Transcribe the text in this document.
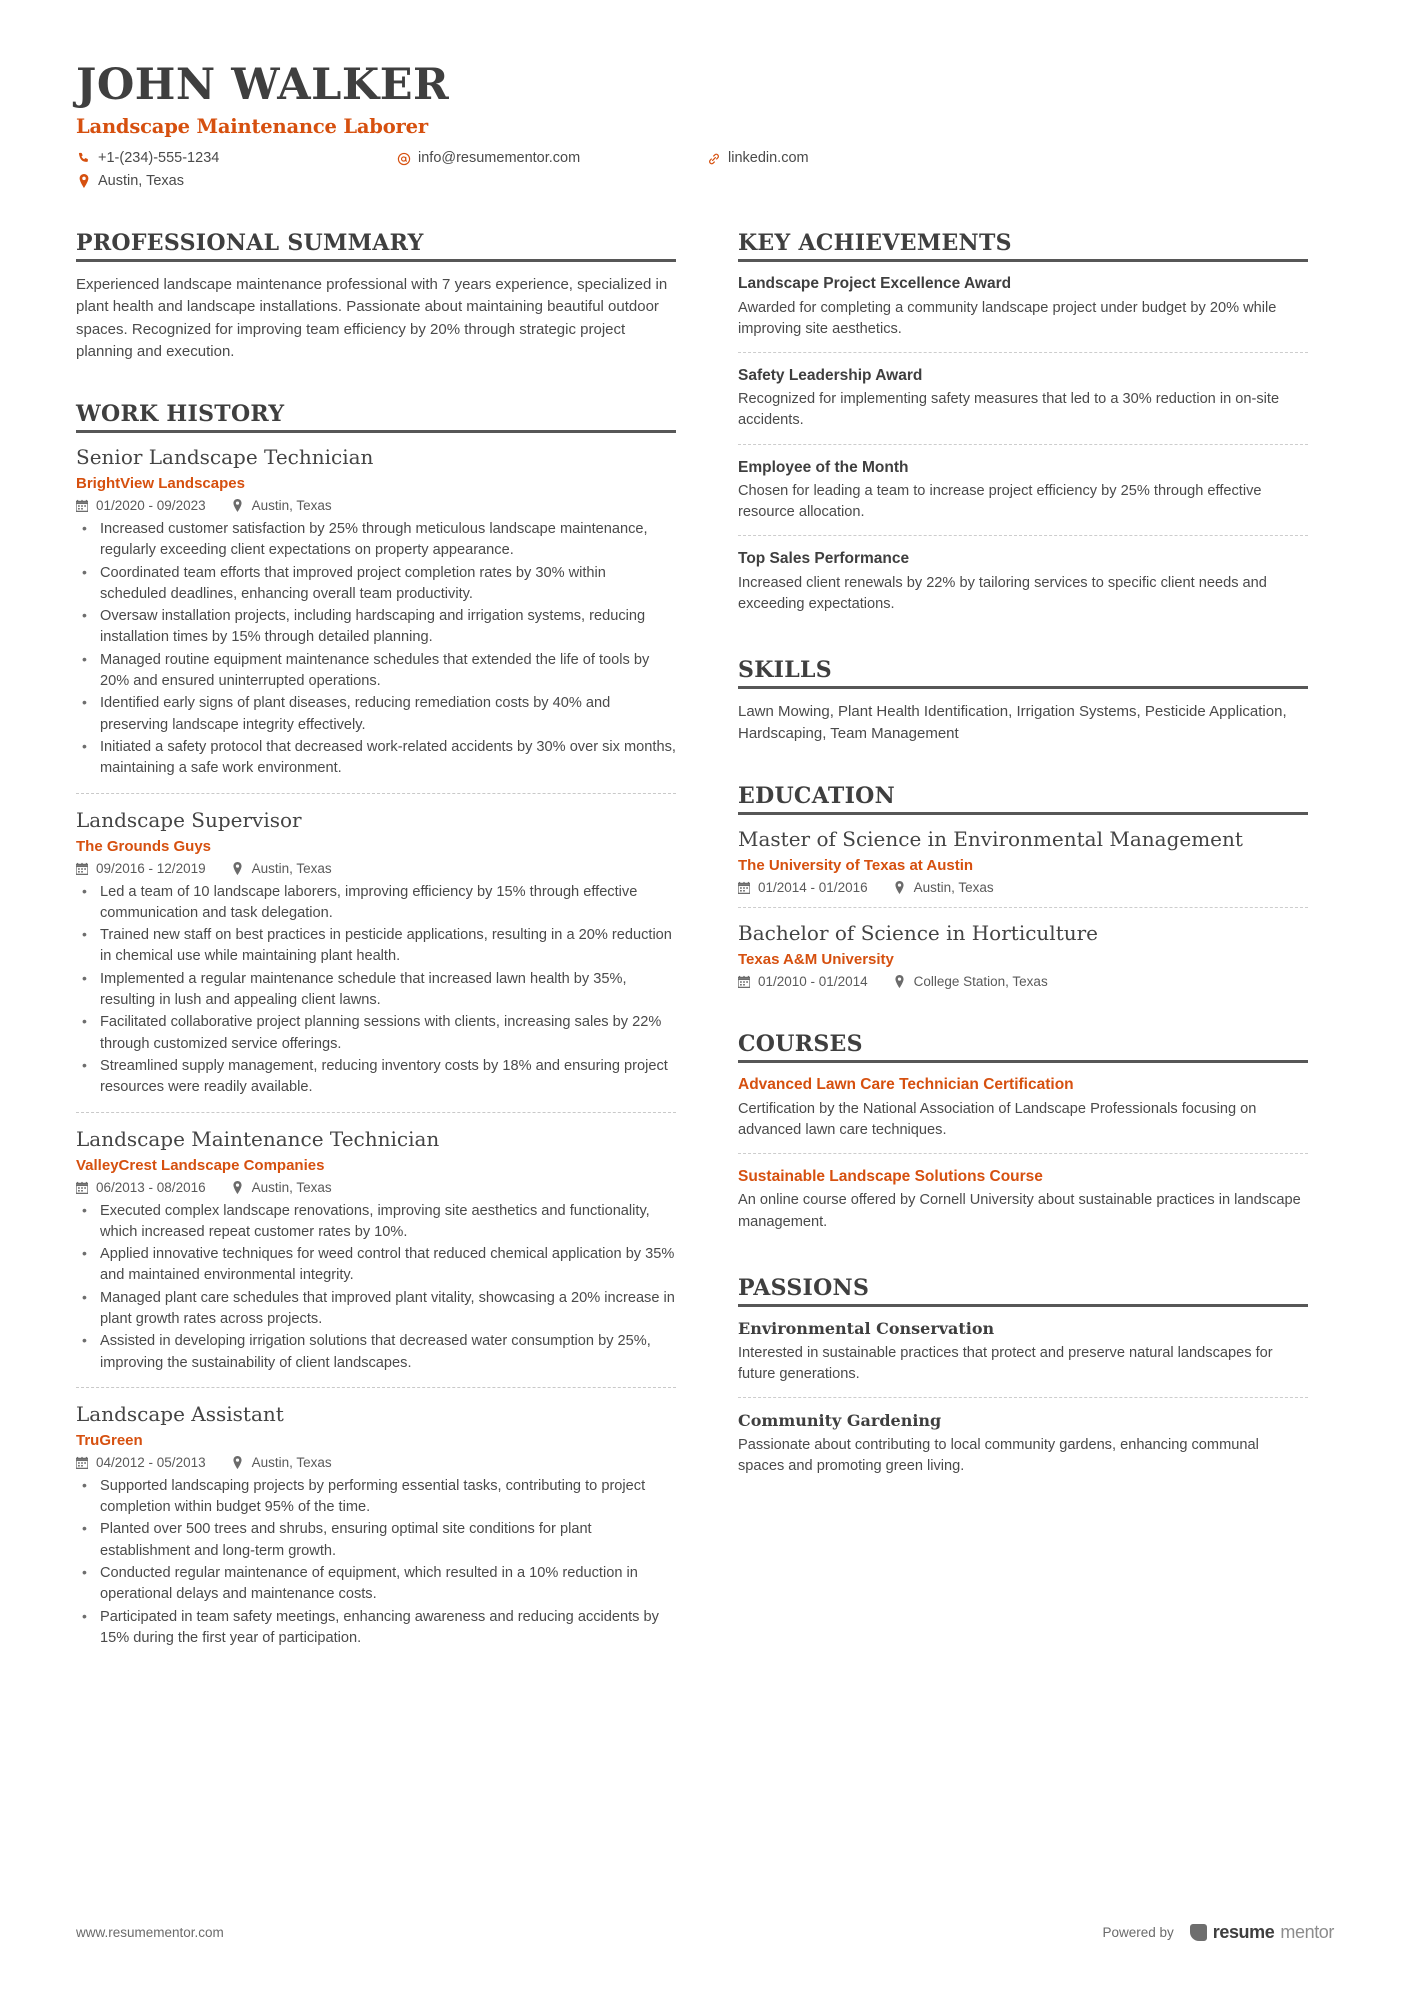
JOHN WALKER
Landscape Maintenance Laborer
+1-(234)-555-1234	info@resumementor.com	linkedin.com
Austin, Texas
PROFESSIONAL SUMMARY
Experienced landscape maintenance professional with 7 years experience, specialized in plant health and landscape installations. Passionate about maintaining beautiful outdoor spaces. Recognized for improving team efficiency by 20% through strategic project planning and execution.
WORK HISTORY
Senior Landscape Technician
BrightView Landscapes
01/2020 - 09/2023	Austin, Texas
• Increased customer satisfaction by 25% through meticulous landscape maintenance, regularly exceeding client expectations on property appearance.
• Coordinated team efforts that improved project completion rates by 30% within scheduled deadlines, enhancing overall team productivity.
• Oversaw installation projects, including hardscaping and irrigation systems, reducing installation times by 15% through detailed planning.
• Managed routine equipment maintenance schedules that extended the life of tools by 20% and ensured uninterrupted operations.
• Identified early signs of plant diseases, reducing remediation costs by 40% and preserving landscape integrity effectively.
• Initiated a safety protocol that decreased work-related accidents by 30% over six months, maintaining a safe work environment.
Landscape Supervisor
The Grounds Guys
09/2016 - 12/2019	Austin, Texas
• Led a team of 10 landscape laborers, improving efficiency by 15% through effective communication and task delegation.
• Trained new staff on best practices in pesticide applications, resulting in a 20% reduction in chemical use while maintaining plant health.
• Implemented a regular maintenance schedule that increased lawn health by 35%, resulting in lush and appealing client lawns.
• Facilitated collaborative project planning sessions with clients, increasing sales by 22% through customized service offerings.
• Streamlined supply management, reducing inventory costs by 18% and ensuring project resources were readily available.
Landscape Maintenance Technician
ValleyCrest Landscape Companies
06/2013 - 08/2016	Austin, Texas
• Executed complex landscape renovations, improving site aesthetics and functionality, which increased repeat customer rates by 10%.
• Applied innovative techniques for weed control that reduced chemical application by 35% and maintained environmental integrity.
• Managed plant care schedules that improved plant vitality, showcasing a 20% increase in plant growth rates across projects.
• Assisted in developing irrigation solutions that decreased water consumption by 25%, improving the sustainability of client landscapes.
Landscape Assistant
TruGreen
04/2012 - 05/2013	Austin, Texas
• Supported landscaping projects by performing essential tasks, contributing to project completion within budget 95% of the time.
• Planted over 500 trees and shrubs, ensuring optimal site conditions for plant establishment and long-term growth.
• Conducted regular maintenance of equipment, which resulted in a 10% reduction in operational delays and maintenance costs.
• Participated in team safety meetings, enhancing awareness and reducing accidents by 15% during the first year of participation.
KEY ACHIEVEMENTS
Landscape Project Excellence Award
Awarded for completing a community landscape project under budget by 20% while improving site aesthetics.
Safety Leadership Award
Recognized for implementing safety measures that led to a 30% reduction in on-site accidents.
Employee of the Month
Chosen for leading a team to increase project efficiency by 25% through effective resource allocation.
Top Sales Performance
Increased client renewals by 22% by tailoring services to specific client needs and exceeding expectations.
SKILLS
Lawn Mowing, Plant Health Identification, Irrigation Systems, Pesticide Application, Hardscaping, Team Management
EDUCATION
Master of Science in Environmental Management
The University of Texas at Austin
01/2014 - 01/2016	Austin, Texas
Bachelor of Science in Horticulture
Texas A&M University
01/2010 - 01/2014	College Station, Texas
COURSES
Advanced Lawn Care Technician Certification
Certification by the National Association of Landscape Professionals focusing on advanced lawn care techniques.
Sustainable Landscape Solutions Course
An online course offered by Cornell University about sustainable practices in landscape management.
PASSIONS
Environmental Conservation
Interested in sustainable practices that protect and preserve natural landscapes for future generations.
Community Gardening
Passionate about contributing to local community gardens, enhancing communal spaces and promoting green living.
www.resumementor.com	Powered by resume mentor
